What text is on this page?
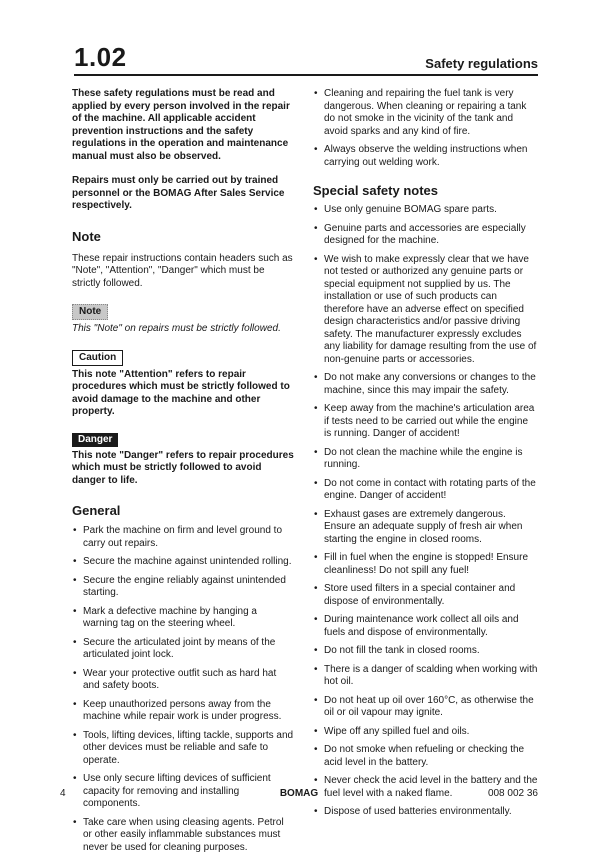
1.02	Safety regulations

These safety regulations must be read and applied by every person involved in the repair of the machine. All applicable accident prevention instructions and the safety regulations in the operation and maintenance manual must also be observed.

Repairs must only be carried out by trained personnel or the BOMAG After Sales Service respectively.

Note

These repair instructions contain headers such as "Note", "Attention", "Danger" which must be strictly followed.

Note

This "Note" on repairs must be strictly followed.

Caution

This note "Attention" refers to repair procedures which must be strictly followed to avoid damage to the machine and other property.

Danger

This note "Danger" refers to repair procedures which must be strictly followed to avoid danger to life.

General
• Park the machine on firm and level ground to carry out repairs.
• Secure the machine against unintended rolling.
• Secure the engine reliably against unintended starting.
• Mark a defective machine by hanging a warning tag on the steering wheel.
• Secure the articulated joint by means of the articulated joint lock.
• Wear your protective outfit such as hard hat and safety boots.
• Keep unauthorized persons away from the machine while repair work is under progress.
• Tools, lifting devices, lifting tackle, supports and other devices must be reliable and safe to operate.
• Use only secure lifting devices of sufficient capacity for removing and installing components.
• Take care when using cleasing agents. Petrol or other easily inflammable substances must never be used for cleaning purposes.
• Cleaning and repairing the fuel tank is very dangerous. When cleaning or repairing a tank do not smoke in the vicinity of the tank and avoid sparks and any kind of fire.
• Always observe the welding instructions when carrying out welding work.
Special safety notes
• Use only genuine BOMAG spare parts.
• Genuine parts and accessories are especially designed for the machine.
• We wish to make expressly clear that we have not tested or authorized any genuine parts or special equipment not supplied by us. The installation or use of such products can therefore have an adverse effect on specified design characteristics and/or passive driving safety. The manufacturer expressly excludes any liability for damage resulting from the use of non-genuine parts or accessories.
• Do not make any conversions or changes to the machine, since this may impair the safety.
• Keep away from the machine's articulation area if tests need to be carried out while the engine is running. Danger of accident!
• Do not clean the machine while the engine is running.
• Do not come in contact with rotating parts of the engine. Danger of accident!
• Exhaust gases are extremely dangerous. Ensure an adequate supply of fresh air when starting the engine in closed rooms.
• Fill in fuel when the engine is stopped! Ensure cleanliness! Do not spill any fuel!
• Store used filters in a special container and dispose of environmentally.
• During maintenance work collect all oils and fuels and dispose of environmentally.
• Do not fill the tank in closed rooms.
• There is a danger of scalding when working with hot oil.
• Do not heat up oil over 160°C, as otherwise the oil or oil vapour may ignite.
• Wipe off any spilled fuel and oils.
• Do not smoke when refueling or checking the acid level in the battery.
• Never check the acid level in the battery and the fuel level with a naked flame.
• Dispose of used batteries environmentally.
4	BOMAG	008 002 36
